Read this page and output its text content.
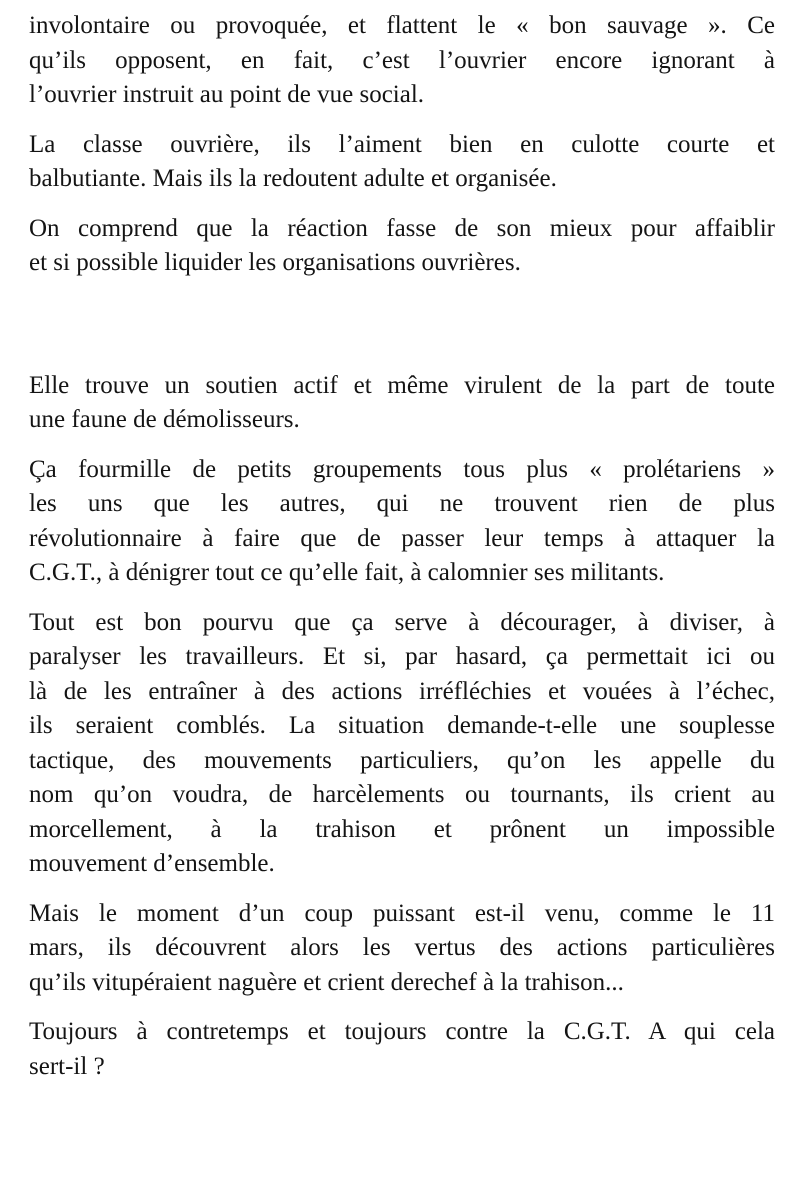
involontaire ou provoquée, et flattent le « bon sauvage ». Ce
qu’ils opposent, en fait, c’est l’ouvrier encore ignorant à
l’ouvrier instruit au point de vue social.

La classe ouvrière, ils l’aiment bien en culotte courte et
balbutiante. Mais ils la redoutent adulte et organisée.

On comprend que la réaction fasse de son mieux pour affaiblir
et si possible liquider les organisations ouvrières.

Elle trouve un soutien actif et même virulent de la part de toute
une faune de démolisseurs.

Ça fourmille de petits groupements tous plus « prolétariens »
les uns que les autres, qui ne trouvent rien de plus
révolutionnaire à faire que de passer leur temps à attaquer la
C.G.T., à dénigrer tout ce qu’elle fait, à calomnier ses militants.

Tout est bon pourvu que ça serve à décourager, à diviser, à
paralyser les travailleurs. Et si, par hasard, ça permettait ici ou
là de les entraîner à des actions irréfléchies et vouées à l’échec,
ils seraient comblés. La situation demande-t-elle une souplesse
tactique, des mouvements particuliers, qu’on les appelle du
nom qu’on voudra, de harcèlements ou tournants, ils crient au
morcellement, à la trahison et prônent un impossible
mouvement d’ensemble.

Mais le moment d’un coup puissant est-il venu, comme le 11
mars, ils découvrent alors les vertus des actions particulières
qu’ils vitupéraient naguère et crient derechef à la trahison...

Toujours à contretemps et toujours contre la C.G.T. A qui cela
sert-il ?
